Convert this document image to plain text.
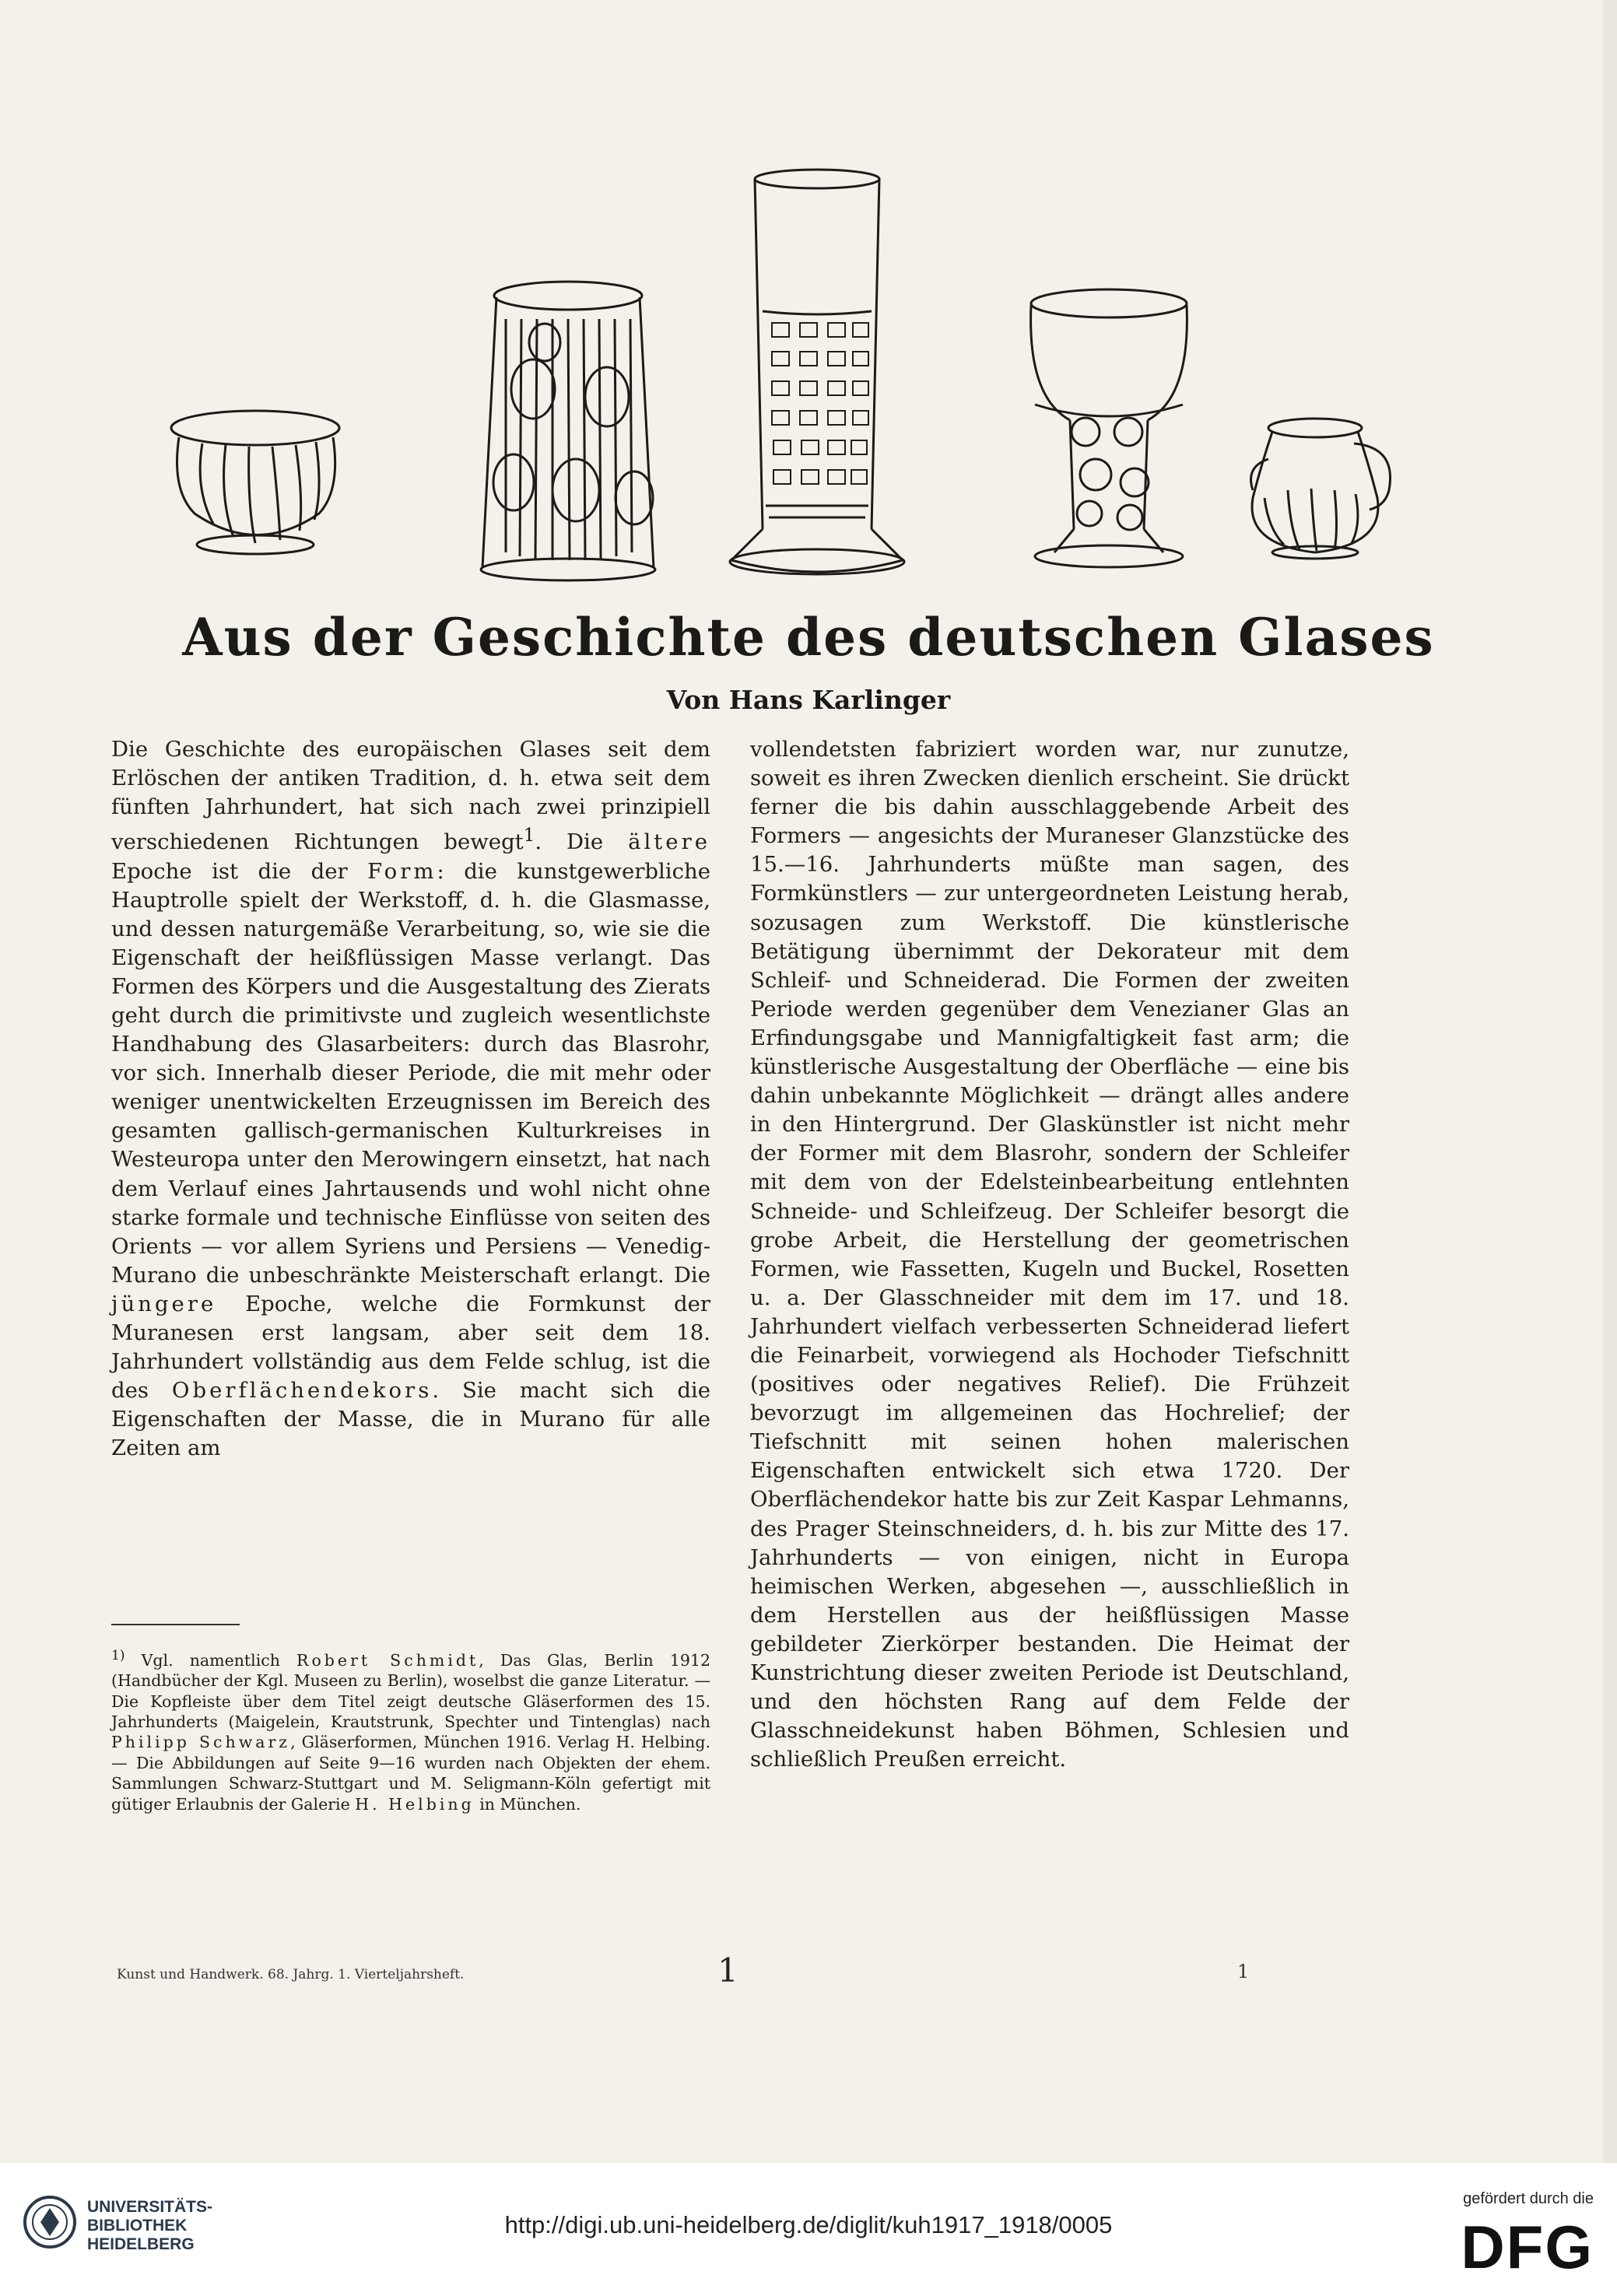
Aus der Geschichte des deutschen Glases
Von Hans Karlinger
Die Geschichte des europäischen Glases seit dem Erlöschen der antiken Tradition, d. h. etwa seit dem fünften Jahrhundert, hat sich nach zwei prinzipiell verschiedenen Richtungen bewegt$^1$. Die ältere Epoche ist die der Form: die kunstgewerbliche Hauptrolle spielt der Werkstoff, d. h. die Glasmasse, und dessen naturgemäße Verarbeitung, so, wie sie die Eigenschaft der heißflüssigen Masse verlangt. Das Formen des Körpers und die Ausgestaltung des Zierats geht durch die primitivste und zugleich wesentlichste Handhabung des Glasarbeiters: durch das Blasrohr, vor sich. Innerhalb dieser Periode, die mit mehr oder weniger unentwickelten Erzeugnissen im Bereich des gesamten gallisch-germanischen Kulturkreises in Westeuropa unter den Merowingern einsetzt, hat nach dem Verlauf eines Jahrtausends und wohl nicht ohne starke formale und technische Einflüsse von seiten des Orients — vor allem Syriens und Persiens — Venedig-Murano die unbeschränkte Meisterschaft erlangt. Die jüngere Epoche, welche die Formkunst der Muranesen erst langsam, aber seit dem 18. Jahrhundert vollständig aus dem Felde schlug, ist die des Oberflächendekors. Sie macht sich die Eigenschaften der Masse, die in Murano für alle Zeiten am
vollendetsten fabriziert worden war, nur zunutze, soweit es ihren Zwecken dienlich erscheint. Sie drückt ferner die bis dahin ausschlaggebende Arbeit des Formers — angesichts der Muraneser Glanzstücke des 15.—16. Jahrhunderts müßte man sagen, des Formkünstlers — zur untergeordneten Leistung herab, sozusagen zum Werkstoff. Die künstlerische Betätigung übernimmt der Dekorateur mit dem Schleif- und Schneiderad. Die Formen der zweiten Periode werden gegenüber dem Venezianer Glas an Erfindungsgabe und Mannigfaltigkeit fast arm; die künstlerische Ausgestaltung der Oberfläche — eine bis dahin unbekannte Möglichkeit — drängt alles andere in den Hintergrund. Der Glaskünstler ist nicht mehr der Former mit dem Blasrohr, sondern der Schleifer mit dem von der Edelsteinbearbeitung entlehnten Schneide- und Schleifzeug. Der Schleifer besorgt die grobe Arbeit, die Herstellung der geometrischen Formen, wie Fassetten, Kugeln und Buckel, Rosetten u. a. Der Glasschneider mit dem im 17. und 18. Jahrhundert vielfach verbesserten Schneiderad liefert die Feinarbeit, vorwiegend als Hochoder Tiefschnitt (positives oder negatives Relief). Die Frühzeit bevorzugt im allgemeinen das Hochrelief; der Tiefschnitt mit seinen hohen malerischen Eigenschaften entwickelt sich etwa 1720. Der Oberflächendekor hatte bis zur Zeit Kaspar Lehmanns, des Prager Steinschneiders, d. h. bis zur Mitte des 17. Jahrhunderts — von einigen, nicht in Europa heimischen Werken, abgesehen —, ausschließlich in dem Herstellen aus der heißflüssigen Masse gebildeter Zierkörper bestanden. Die Heimat der Kunstrichtung dieser zweiten Periode ist Deutschland, und den höchsten Rang auf dem Felde der Glasschneidekunst haben Böhmen, Schlesien und schließlich Preußen erreicht.
$^{1)}$ Vgl. namentlich Robert Schmidt, Das Glas, Berlin 1912 (Handbücher der Kgl. Museen zu Berlin), woselbst die ganze Literatur. — Die Kopfleiste über dem Titel zeigt deutsche Gläserformen des 15. Jahrhunderts (Maigelein, Krautstrunk, Spechter und Tintenglas) nach Philipp Schwarz, Gläserformen, München 1916. Verlag H. Helbing. — Die Abbildungen auf Seite 9—16 wurden nach Objekten der ehem. Sammlungen Schwarz-Stuttgart und M. Seligmann-Köln gefertigt mit gütiger Erlaubnis der Galerie H. Helbing in München.
Kunst und Handwerk. 68. Jahrg. 1. Vierteljahrsheft.	1	1
UNIVERSITÄTS-
BIBLIOTHEK
HEIDELBERG
http://digi.ub.uni-heidelberg.de/diglit/kuh1917_1918/0005
gefördert durch die
DFG
